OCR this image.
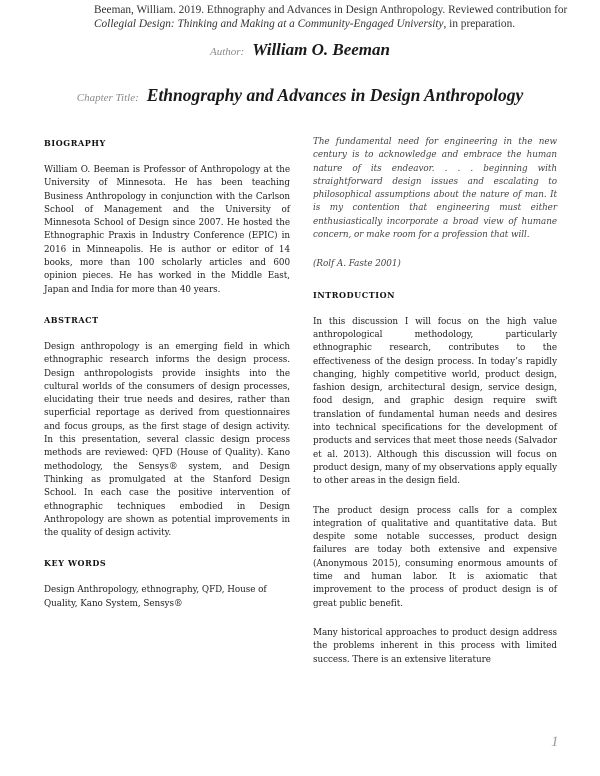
Beeman, William. 2019. Ethnography and Advances in Design Anthropology. Reviewed contribution for
Collegial Design: Thinking and Making at a Community-Engaged University, in preparation.
Author: William O. Beeman
Chapter Title: Ethnography and Advances in Design Anthropology
BIOGRAPHY

William O. Beeman is Professor of Anthropology at the University of Minnesota. He has been teaching Business Anthropology in conjunction with the Carlson School of Management and the University of Minnesota School of Design since 2007. He hosted the Ethnographic Praxis in Industry Conference (EPIC) in 2016 in Minneapolis. He is author or editor of 14 books, more than 100 scholarly articles and 600 opinion pieces. He has worked in the Middle East, Japan and India for more than 40 years.

ABSTRACT

Design anthropology is an emerging field in which ethnographic research informs the design process. Design anthropologists provide insights into the cultural worlds of the consumers of design processes, elucidating their true needs and desires, rather than superficial reportage as derived from questionnaires and focus groups, as the first stage of design activity. In this presentation, several classic design process methods are reviewed: QFD (House of Quality). Kano methodology, the Sensys® system, and Design Thinking as promulgated at the Stanford Design School. In each case the positive intervention of ethnographic techniques embodied in Design Anthropology are shown as potential improvements in the quality of design activity.

KEY WORDS

Design Anthropology, ethnography, QFD, House of Quality, Kano System, Sensys®

The fundamental need for engineering in the new century is to acknowledge and embrace the human nature of its endeavor. . . . beginning with straightforward design issues and escalating to philosophical assumptions about the nature of man. It is my contention that engineering must either enthusiastically incorporate a broad view of humane concern, or make room for a profession that will.

(Rolf A. Faste 2001)

INTRODUCTION

In this discussion I will focus on the high value anthropological methodology, particularly ethnographic research, contributes to the effectiveness of the design process. In today’s rapidly changing, highly competitive world, product design, fashion design, architectural design, service design, food design, and graphic design require swift translation of fundamental human needs and desires into technical specifications for the development of products and services that meet those needs (Salvador et al. 2013). Although this discussion will focus on product design, many of my observations apply equally to other areas in the design field.

The product design process calls for a complex integration of qualitative and quantitative data. But despite some notable successes, product design failures are today both extensive and expensive (Anonymous 2015), consuming enormous amounts of time and human labor. It is axiomatic that improvement to the process of product design is of great public benefit.

Many historical approaches to product design address the problems inherent in this process with limited success. There is an extensive literature

1
